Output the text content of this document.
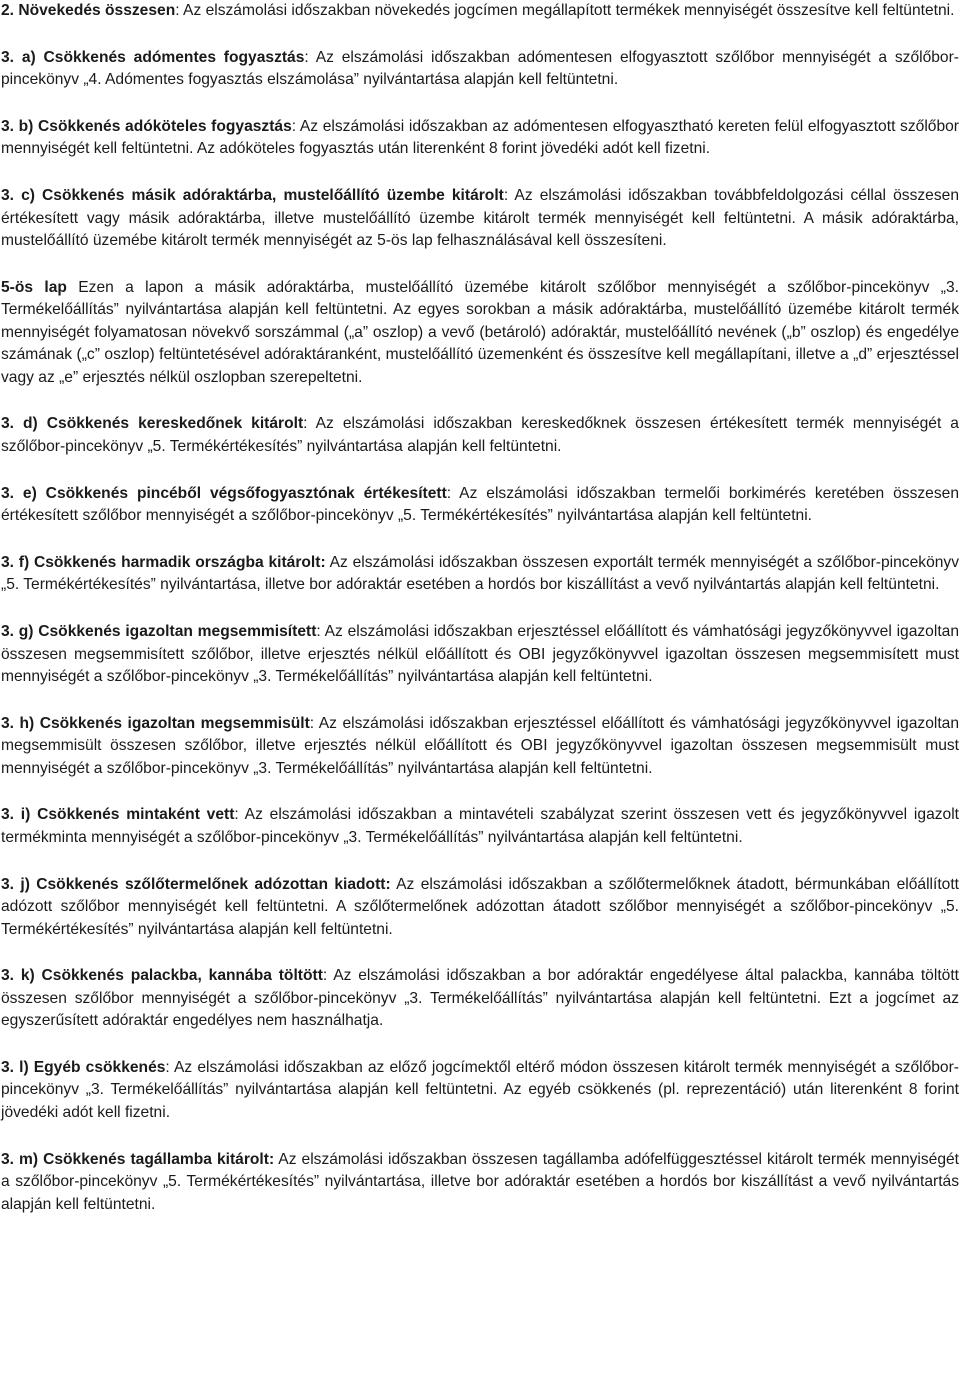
2. Növekedés összesen: Az elszámolási időszakban növekedés jogcímen megállapított termékek mennyiségét összesítve kell feltüntetni.

3. a) Csökkenés adómentes fogyasztás: Az elszámolási időszakban adómentesen elfogyasztott szőlőbor mennyiségét a szőlőbor-pincekönyv „4. Adómentes fogyasztás elszámolása” nyilvántartása alapján kell feltüntetni.

3. b) Csökkenés adóköteles fogyasztás: Az elszámolási időszakban az adómentesen elfogyasztható kereten felül elfogyasztott szőlőbor mennyiségét kell feltüntetni. Az adóköteles fogyasztás után literenként 8 forint jövedéki adót kell fizetni.

3. c) Csökkenés másik adóraktárba, mustelőállító üzembe kitárolt: Az elszámolási időszakban továbbfeldolgozási céllal összesen értékesített vagy másik adóraktárba, illetve mustelőállító üzembe kitárolt termék mennyiségét kell feltüntetni. A másik adóraktárba, mustelőállító üzemébe kitárolt termék mennyiségét az 5-ös lap felhasználásával kell összesíteni.

5-ös lap Ezen a lapon a másik adóraktárba, mustelőállító üzemébe kitárolt szőlőbor mennyiségét a szőlőbor-pincekönyv „3. Termékelőállítás” nyilvántartása alapján kell feltüntetni. Az egyes sorokban a másik adóraktárba, mustelőállító üzemébe kitárolt termék mennyiségét folyamatosan növekvő sorszámmal („a” oszlop) a vevő (betároló) adóraktár, mustelőállító nevének („b” oszlop) és engedélye számának („c” oszlop) feltüntetésével adóraktáranként, mustelőállító üzemenként és összesítve kell megállapítani, illetve a „d” erjesztéssel vagy az „e” erjesztés nélkül oszlopban szerepeltetni.

3. d) Csökkenés kereskedőnek kitárolt: Az elszámolási időszakban kereskedőknek összesen értékesített termék mennyiségét a szőlőbor-pincekönyv „5. Termékértékesítés” nyilvántartása alapján kell feltüntetni.

3. e) Csökkenés pincéből végsőfogyasztónak értékesített: Az elszámolási időszakban termelői borkimérés keretében összesen értékesített szőlőbor mennyiségét a szőlőbor-pincekönyv „5. Termékértékesítés” nyilvántartása alapján kell feltüntetni.

3. f) Csökkenés harmadik országba kitárolt: Az elszámolási időszakban összesen exportált termék mennyiségét a szőlőbor-pincekönyv „5. Termékértékesítés” nyilvántartása, illetve bor adóraktár esetében a hordós bor kiszállítást a vevő nyilvántartás alapján kell feltüntetni.

3. g) Csökkenés igazoltan megsemmisített: Az elszámolási időszakban erjesztéssel előállított és vámhatósági jegyzőkönyvvel igazoltan összesen megsemmisített szőlőbor, illetve erjesztés nélkül előállított és OBI jegyzőkönyvvel igazoltan összesen megsemmisített must mennyiségét a szőlőbor-pincekönyv „3. Termékelőállítás” nyilvántartása alapján kell feltüntetni.

3. h) Csökkenés igazoltan megsemmisült: Az elszámolási időszakban erjesztéssel előállított és vámhatósági jegyzőkönyvvel igazoltan megsemmisült összesen szőlőbor, illetve erjesztés nélkül előállított és OBI jegyzőkönyvvel igazoltan összesen megsemmisült must mennyiségét a szőlőbor-pincekönyv „3. Termékelőállítás” nyilvántartása alapján kell feltüntetni.

3. i) Csökkenés mintaként vett: Az elszámolási időszakban a mintavételi szabályzat szerint összesen vett és jegyzőkönyvvel igazolt termékminta mennyiségét a szőlőbor-pincekönyv „3. Termékelőállítás” nyilvántartása alapján kell feltüntetni.

3. j) Csökkenés szőlőtermelőnek adózottan kiadott: Az elszámolási időszakban a szőlőtermelőknek átadott, bérmunkában előállított adózott szőlőbor mennyiségét kell feltüntetni. A szőlőtermelőnek adózottan átadott szőlőbor mennyiségét a szőlőbor-pincekönyv „5. Termékértékesítés” nyilvántartása alapján kell feltüntetni.

3. k) Csökkenés palackba, kannába töltött: Az elszámolási időszakban a bor adóraktár engedélyese által palackba, kannába töltött összesen szőlőbor mennyiségét a szőlőbor-pincekönyv „3. Termékelőállítás” nyilvántartása alapján kell feltüntetni. Ezt a jogcímet az egyszerűsített adóraktár engedélyes nem használhatja.

3. l) Egyéb csökkenés: Az elszámolási időszakban az előző jogcímektől eltérő módon összesen kitárolt termék mennyiségét a szőlőbor-pincekönyv „3. Termékelőállítás” nyilvántartása alapján kell feltüntetni. Az egyéb csökkenés (pl. reprezentáció) után literenként 8 forint jövedéki adót kell fizetni.

3. m) Csökkenés tagállamba kitárolt: Az elszámolási időszakban összesen tagállamba adófelfüggesztéssel kitárolt termék mennyiségét a szőlőbor-pincekönyv „5. Termékértékesítés” nyilvántartása, illetve bor adóraktár esetében a hordós bor kiszállítást a vevő nyilvántartás alapján kell feltüntetni.
